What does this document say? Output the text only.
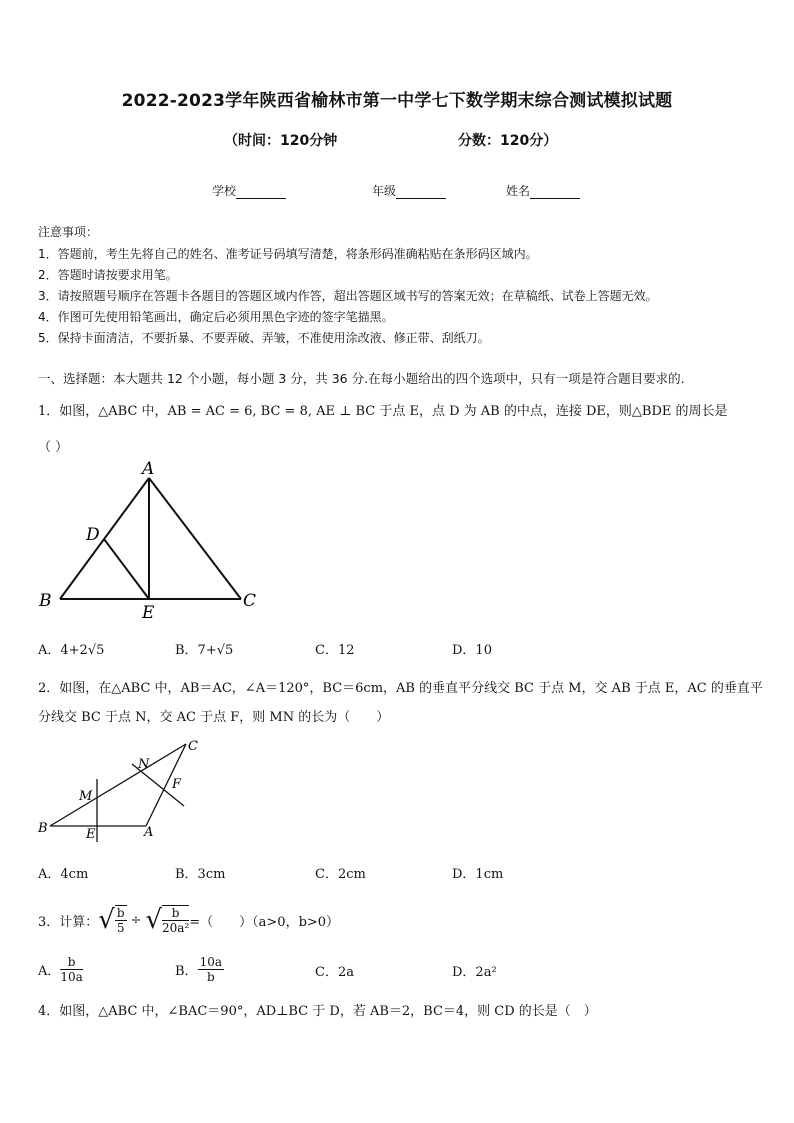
2022-2023学年陕西省榆林市第一中学七下数学期末综合测试模拟试题
（时间：120分钟	分数：120分）
学校	年级	姓名
注意事项：
1．答题前，考生先将自己的姓名、准考证号码填写清楚，将条形码准确粘贴在条形码区域内。
2．答题时请按要求用笔。
3．请按照题号顺序在答题卡各题目的答题区域内作答，超出答题区域书写的答案无效；在草稿纸、试卷上答题无效。
4．作图可先使用铅笔画出，确定后必须用黑色字迹的签字笔描黑。
5．保持卡面清洁，不要折暴、不要弄破、弄皱，不准使用涂改液、修正带、刮纸刀。
一、选择题：本大题共 12 个小题，每小题 3 分，共 36 分.在每小题给出的四个选项中，只有一项是符合题目要求的.
1．如图，△ABC 中，AB = AC = 6, BC = 8, AE ⊥ BC 于点 E，点 D 为 AB 的中点，连接 DE，则△BDE 的周长是
（ ）
A
B	C
D
E
A．4+2√5	B．7+√5	C．12	D．10
2．如图，在△ABC 中，AB＝AC，∠A＝120°，BC＝6cm，AB 的垂直平分线交 BC 于点 M，交 AB 于点 E，AC 的垂直平
分线交 BC 于点 N，交 AC 于点 F，则 MN 的长为（　　）
C
B	A
M
E
N
F
A．4cm	B．3cm	C．2cm	D．1cm
3．计算： √ $\frac{b}{5}$ ÷ √ $\frac{b}{\text{20a²}}$ =（　　）（a>0，b>0）
A． $\frac{b}{10a}$	B． $\frac{10a}{b}$	C．2a	D．2a²
4．如图，△ABC 中，∠BAC＝90°，AD⊥BC 于 D，若 AB＝2，BC＝4，则 CD 的长是（　）
